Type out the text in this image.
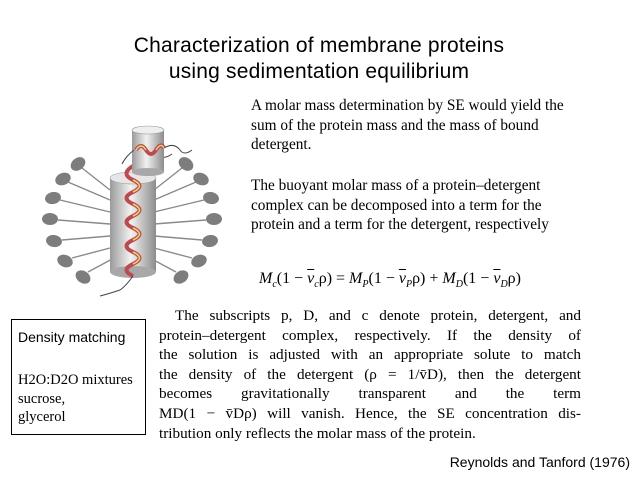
Characterization of membrane proteins
using sedimentation equilibrium
A molar mass determination by SE would yield the sum of the protein mass and the mass of bound detergent.
The buoyant molar mass of a protein–detergent complex can be decomposed into a term for the protein and a term for the detergent, respectively
$M_c(1 - \overline{v}_c\rho) = M_P(1 - \overline{v}_P\rho) + M_D(1 - \overline{v}_D\rho)$
The subscripts p, D, and c denote protein, detergent, and
protein–detergent complex, respectively. If the density of
the solution is adjusted with an appropriate solute to match
the density of the detergent (ρ = 1/v̄D), then the detergent
becomes gravitationally transparent and the term
MD(1 − v̄Dρ) will vanish. Hence, the SE concentration dis-
tribution only reflects the molar mass of the protein.
Density matching
H2O:D2O mixtures
sucrose,
glycerol
Reynolds and Tanford (1976)
